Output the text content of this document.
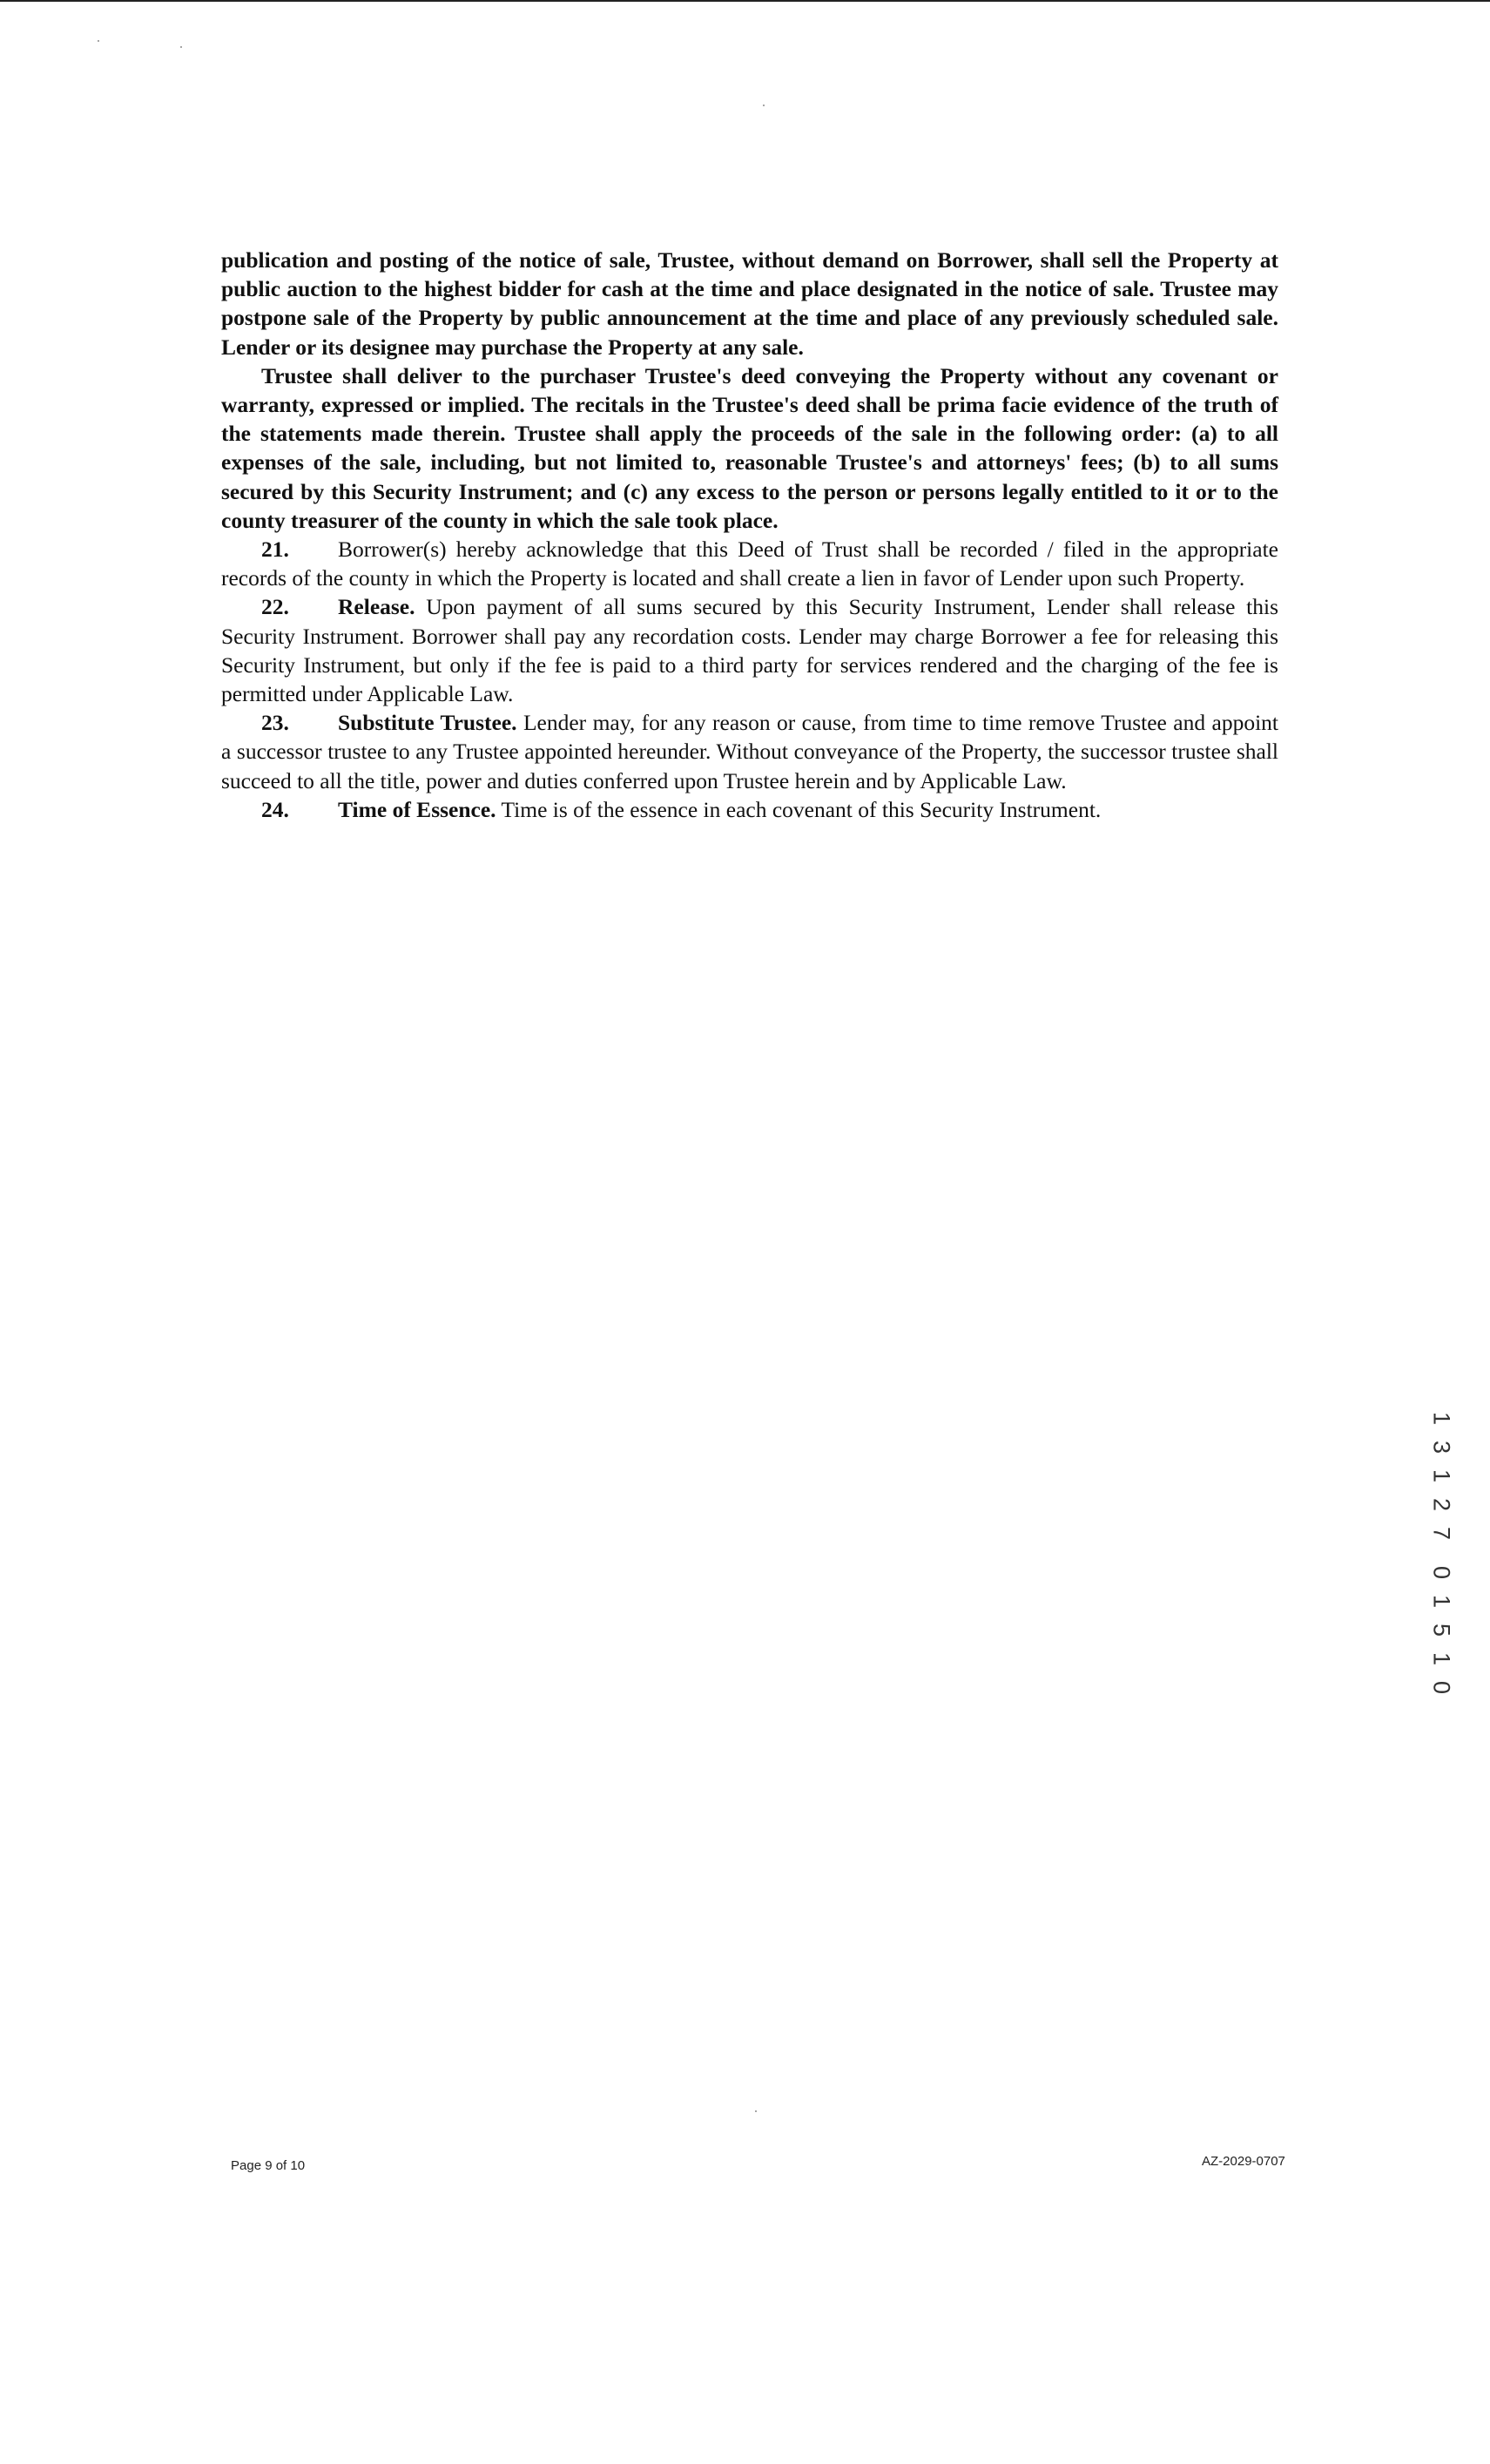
publication and posting of the notice of sale, Trustee, without demand on Borrower, shall sell the Property at public auction to the highest bidder for cash at the time and place designated in the notice of sale. Trustee may postpone sale of the Property by public announcement at the time and place of any previously scheduled sale. Lender or its designee may purchase the Property at any sale.

Trustee shall deliver to the purchaser Trustee's deed conveying the Property without any covenant or warranty, expressed or implied. The recitals in the Trustee's deed shall be prima facie evidence of the truth of the statements made therein. Trustee shall apply the proceeds of the sale in the following order: (a) to all expenses of the sale, including, but not limited to, reasonable Trustee's and attorneys' fees; (b) to all sums secured by this Security Instrument; and (c) any excess to the person or persons legally entitled to it or to the county treasurer of the county in which the sale took place.

21. Borrower(s) hereby acknowledge that this Deed of Trust shall be recorded / filed in the appropriate records of the county in which the Property is located and shall create a lien in favor of Lender upon such Property.

22. Release. Upon payment of all sums secured by this Security Instrument, Lender shall release this Security Instrument. Borrower shall pay any recordation costs. Lender may charge Borrower a fee for releasing this Security Instrument, but only if the fee is paid to a third party for services rendered and the charging of the fee is permitted under Applicable Law.

23. Substitute Trustee. Lender may, for any reason or cause, from time to time remove Trustee and appoint a successor trustee to any Trustee appointed hereunder. Without conveyance of the Property, the successor trustee shall succeed to all the title, power and duties conferred upon Trustee herein and by Applicable Law.

24. Time of Essence. Time is of the essence in each covenant of this Security Instrument.

1
3
1
2
7
0
1
5
1
0
Page 9 of 10	AZ-2029-0707
